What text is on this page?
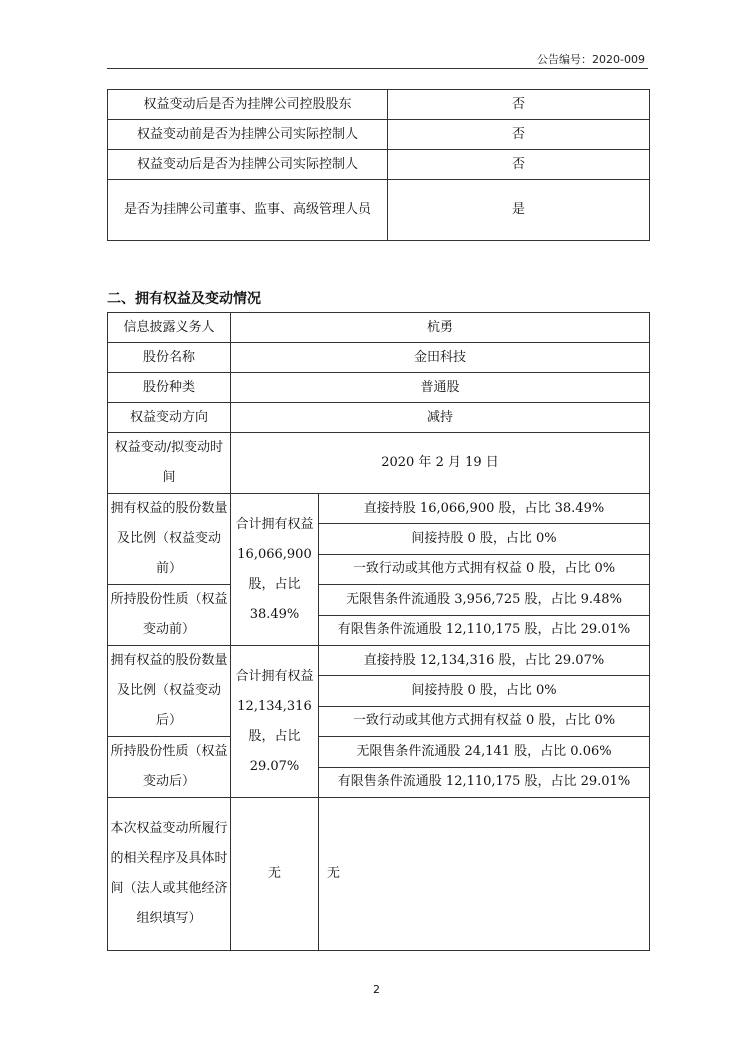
公告编号：2020-009
权益变动后是否为挂牌公司控股股东	否
权益变动前是否为挂牌公司实际控制人	否
权益变动后是否为挂牌公司实际控制人	否
是否为挂牌公司董事、监事、高级管理人员	是
二、拥有权益及变动情况
信息披露义务人	杭勇	
股份名称	金田科技	
股份种类	普通股	
权益变动方向	减持	
权益变动/拟变动时间	2020 年 2 月 19 日	
拥有权益的股份数量及比例（权益变动前）	合计拥有权益 16,066,900 股，占比 38.49%	直接持股 16,066,900 股，占比 38.49%
		间接持股 0 股，占比 0%
		一致行动或其他方式拥有权益 0 股，占比 0%
所持股份性质（权益变动前）		无限售条件流通股 3,956,725 股，占比 9.48%
		有限售条件流通股 12,110,175 股，占比 29.01%
拥有权益的股份数量及比例（权益变动后）	合计拥有权益 12,134,316 股，占比 29.07%	直接持股 12,134,316 股，占比 29.07%
		间接持股 0 股，占比 0%
		一致行动或其他方式拥有权益 0 股，占比 0%
所持股份性质（权益变动后）		无限售条件流通股 24,141 股，占比 0.06%
		有限售条件流通股 12,110,175 股，占比 29.01%
本次权益变动所履行的相关程序及具体时间（法人或其他经济组织填写）	无	无
2
